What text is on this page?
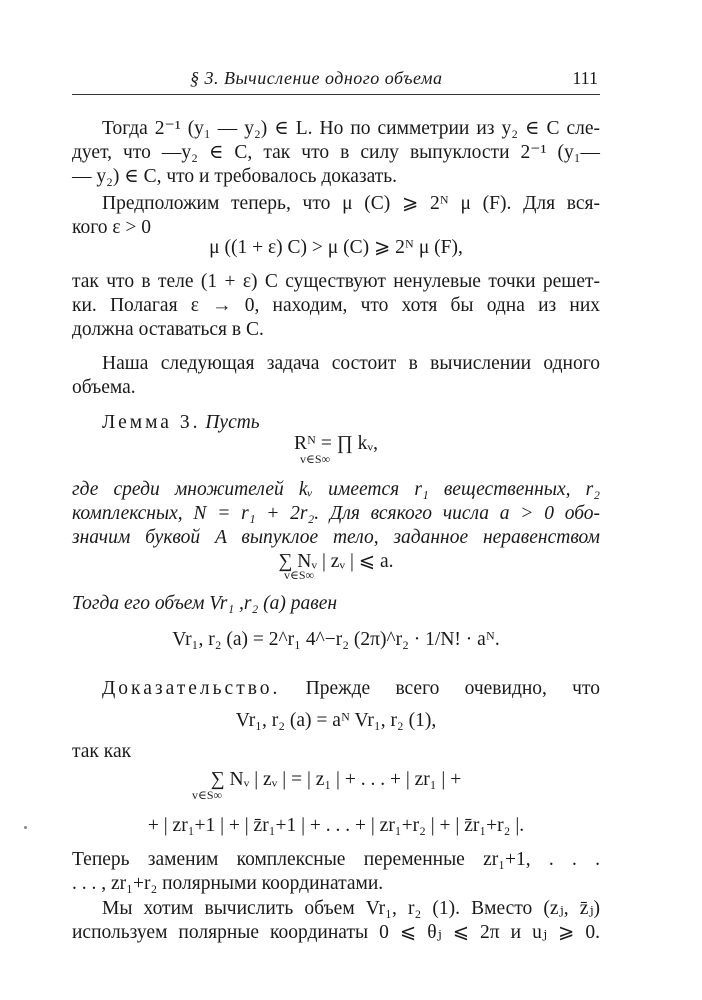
§ 3. Вычисление одного объема	111
Тогда 2⁻¹ (y₁ — y₂) ∈ L. Но по симметрии из y₂ ∈ C сле-
дует, что —y₂ ∈ C, так что в силу выпуклости 2⁻¹ (y₁—
— y₂) ∈ C, что и требовалось доказать.
Предположим теперь, что μ (C) ⩾ 2ᴺ μ (F). Для вся-
кого ε > 0
μ ((1 + ε) C) > μ (C) ⩾ 2ᴺ μ (F),
так что в теле (1 + ε) C существуют ненулевые точки решет-
ки. Полагая ε → 0, находим, что хотя бы одна из них
должна оставаться в C.
Наша следующая задача состоит в вычислении одного
объема.
Лемма 3. Пусть
Rᴺ = ∏ kᵥ,
v∈S∞
где среди множителей kᵥ имеется r₁ вещественных, r₂
комплексных, N = r₁ + 2r₂. Для всякого числа a > 0 обо-
значим буквой A выпуклое тело, заданное неравенством
∑ Nᵥ | zᵥ | ⩽ a.
v∈S∞
Тогда его объем Vr₁ ,r₂ (a) равен
Vr₁, r₂ (a) = 2^r₁ 4^−r₂ (2π)^r₂ · 1/N! · aᴺ.
Доказательство. Прежде всего очевидно, что
Vr₁, r₂ (a) = aᴺ Vr₁, r₂ (1),
так как
∑ Nᵥ | zᵥ | = | z₁ | + . . . + | zr₁ | +
v∈S∞
+ | zr₁+1 | + | z̄r₁+1 | + . . . + | zr₁+r₂ | + | z̄r₁+r₂ |.
Теперь заменим комплексные переменные zr₁+1, . . .
. . . , zr₁+r₂ полярными координатами.
Мы хотим вычислить объем Vr₁, r₂ (1). Вместо (zⱼ, z̄ⱼ)
используем полярные координаты 0 ⩽ θⱼ ⩽ 2π и uⱼ ⩾ 0.
